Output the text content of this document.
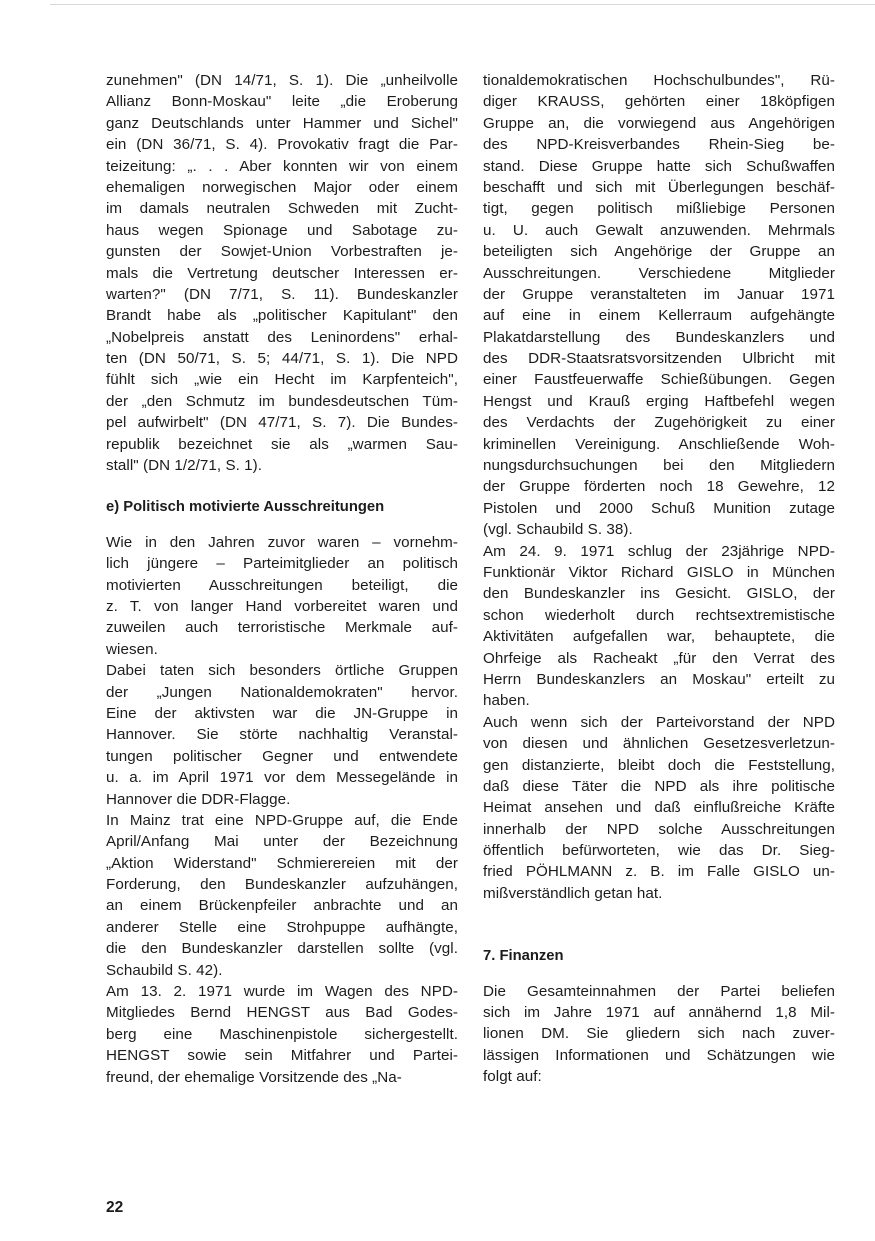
zunehmen" (DN 14/71, S. 1). Die „unheilvolle
Allianz Bonn-Moskau" leite „die Eroberung
ganz Deutschlands unter Hammer und Sichel"
ein (DN 36/71, S. 4). Provokativ fragt die Par-
teizeitung: „. . . Aber konnten wir von einem
ehemaligen norwegischen Major oder einem
im damals neutralen Schweden mit Zucht-
haus wegen Spionage und Sabotage zu-
gunsten der Sowjet-Union Vorbestraften je-
mals die Vertretung deutscher Interessen er-
warten?" (DN 7/71, S. 11). Bundeskanzler
Brandt habe als „politischer Kapitulant" den
„Nobelpreis anstatt des Leninordens" erhal-
ten (DN 50/71, S. 5; 44/71, S. 1). Die NPD
fühlt sich „wie ein Hecht im Karpfenteich",
der „den Schmutz im bundesdeutschen Tüm-
pel aufwirbelt" (DN 47/71, S. 7). Die Bundes-
republik bezeichnet sie als „warmen Sau-
stall" (DN 1/2/71, S. 1).
e) Politisch motivierte Ausschreitungen
Wie in den Jahren zuvor waren – vornehm-
lich jüngere – Parteimitglieder an politisch
motivierten Ausschreitungen beteiligt, die
z. T. von langer Hand vorbereitet waren und
zuweilen auch terroristische Merkmale auf-
wiesen.
Dabei taten sich besonders örtliche Gruppen
der „Jungen Nationaldemokraten" hervor.
Eine der aktivsten war die JN-Gruppe in
Hannover. Sie störte nachhaltig Veranstal-
tungen politischer Gegner und entwendete
u. a. im April 1971 vor dem Messegelände in
Hannover die DDR-Flagge.
In Mainz trat eine NPD-Gruppe auf, die Ende
April/Anfang Mai unter der Bezeichnung
„Aktion Widerstand" Schmierereien mit der
Forderung, den Bundeskanzler aufzuhängen,
an einem Brückenpfeiler anbrachte und an
anderer Stelle eine Strohpuppe aufhängte,
die den Bundeskanzler darstellen sollte (vgl.
Schaubild S. 42).
Am 13. 2. 1971 wurde im Wagen des NPD-
Mitgliedes Bernd HENGST aus Bad Godes-
berg eine Maschinenpistole sichergestellt.
HENGST sowie sein Mitfahrer und Partei-
freund, der ehemalige Vorsitzende des „Na-
tionaldemokratischen Hochschulbundes", Rü-
diger KRAUSS, gehörten einer 18köpfigen
Gruppe an, die vorwiegend aus Angehörigen
des NPD-Kreisverbandes Rhein-Sieg be-
stand. Diese Gruppe hatte sich Schußwaffen
beschafft und sich mit Überlegungen beschäf-
tigt, gegen politisch mißliebige Personen
u. U. auch Gewalt anzuwenden. Mehrmals
beteiligten sich Angehörige der Gruppe an
Ausschreitungen. Verschiedene Mitglieder
der Gruppe veranstalteten im Januar 1971
auf eine in einem Kellerraum aufgehängte
Plakatdarstellung des Bundeskanzlers und
des DDR-Staatsratsvorsitzenden Ulbricht mit
einer Faustfeuerwaffe Schießübungen. Gegen
Hengst und Krauß erging Haftbefehl wegen
des Verdachts der Zugehörigkeit zu einer
kriminellen Vereinigung. Anschließende Woh-
nungsdurchsuchungen bei den Mitgliedern
der Gruppe förderten noch 18 Gewehre, 12
Pistolen und 2000 Schuß Munition zutage
(vgl. Schaubild S. 38).
Am 24. 9. 1971 schlug der 23jährige NPD-
Funktionär Viktor Richard GISLO in München
den Bundeskanzler ins Gesicht. GISLO, der
schon wiederholt durch rechtsextremistische
Aktivitäten aufgefallen war, behauptete, die
Ohrfeige als Racheakt „für den Verrat des
Herrn Bundeskanzlers an Moskau" erteilt zu
haben.
Auch wenn sich der Parteivorstand der NPD
von diesen und ähnlichen Gesetzesverletzun-
gen distanzierte, bleibt doch die Feststellung,
daß diese Täter die NPD als ihre politische
Heimat ansehen und daß einflußreiche Kräfte
innerhalb der NPD solche Ausschreitungen
öffentlich befürworteten, wie das Dr. Sieg-
fried PÖHLMANN z. B. im Falle GISLO un-
mißverständlich getan hat.
7. Finanzen
Die Gesamteinnahmen der Partei beliefen
sich im Jahre 1971 auf annähernd 1,8 Mil-
lionen DM. Sie gliedern sich nach zuver-
lässigen Informationen und Schätzungen wie
folgt auf:
22
